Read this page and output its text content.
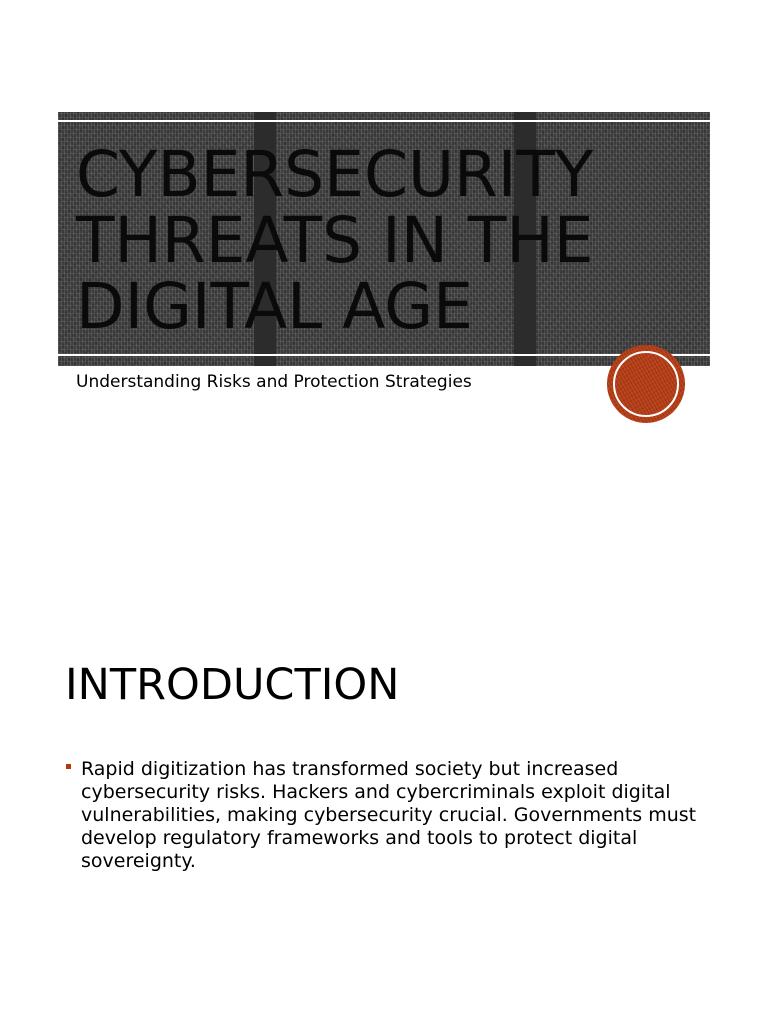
CYBERSECURITY THREATS IN THE DIGITAL AGE

Understanding Risks and Protection Strategies

INTRODUCTION
Rapid digitization has transformed society but increased cybersecurity risks. Hackers and cybercriminals exploit digital vulnerabilities, making cybersecurity crucial. Governments must develop regulatory frameworks and tools to protect digital sovereignty.
